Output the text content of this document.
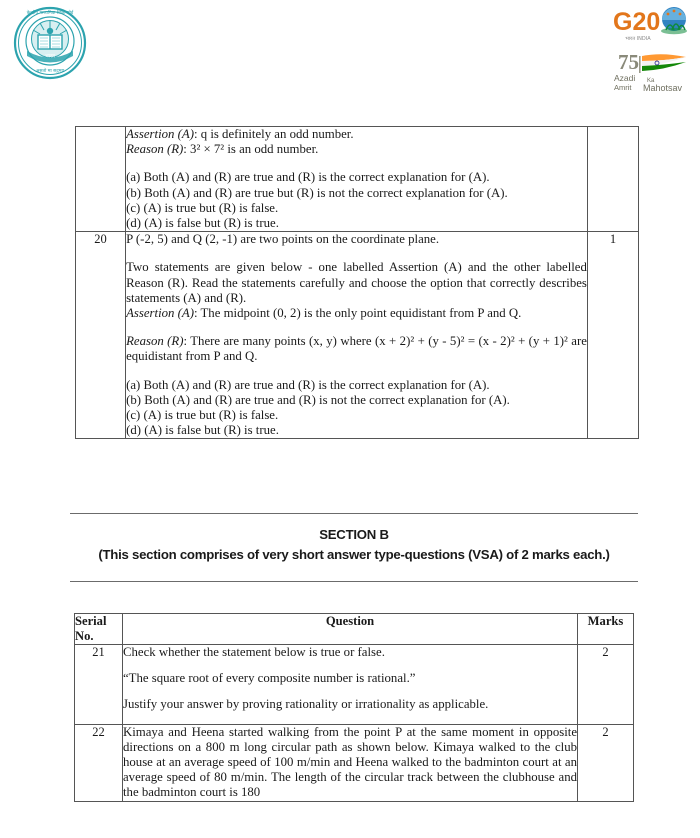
केन्द्रीय माध्यमिक शिक्षा बोर्ड
भारत
असतो मा सद्गमय
G20
भारत INDIA
75
Azadi Ka
Amrit Mahotsav

Assertion (A): q is definitely an odd number.

Reason (R): 3² × 7² is an odd number.

(a) Both (A) and (R) are true and (R) is the correct explanation for (A).

(b) Both (A) and (R) are true but (R) is not the correct explanation for (A).

(c) (A) is true but (R) is false.

(d) (A) is false but (R) is true.

20	P (-2, 5) and Q (2, -1) are two points on the coordinate plane.

Two statements are given below - one labelled Assertion (A) and the other labelled Reason (R). Read the statements carefully and choose the option that correctly describes statements (A) and (R).

Assertion (A): The midpoint (0, 2) is the only point equidistant from P and Q.

Reason (R): There are many points (x, y) where (x + 2)² + (y - 5)² = (x - 2)² + (y + 1)² are equidistant from P and Q.

(a) Both (A) and (R) are true and (R) is the correct explanation for (A).

(b) Both (A) and (R) are true and (R) is not the correct explanation for (A).

(c) (A) is true but (R) is false.

(d) (A) is false but (R) is true.

	1
SECTION B
(This section comprises of very short answer type-questions (VSA) of 2 marks each.)
Serial
No.	Question	Marks
21	Check whether the statement below is true or false.

“The square root of every composite number is rational.”

Justify your answer by proving rationality or irrationality as applicable.	2
22	Kimaya and Heena started walking from the point P at the same moment in opposite directions on a 800 m long circular path as shown below. Kimaya walked to the club house at an average speed of 100 m/min and Heena walked to the badminton court at an average speed of 80 m/min. The length of the circular track between the clubhouse and the badminton court is 180	2
